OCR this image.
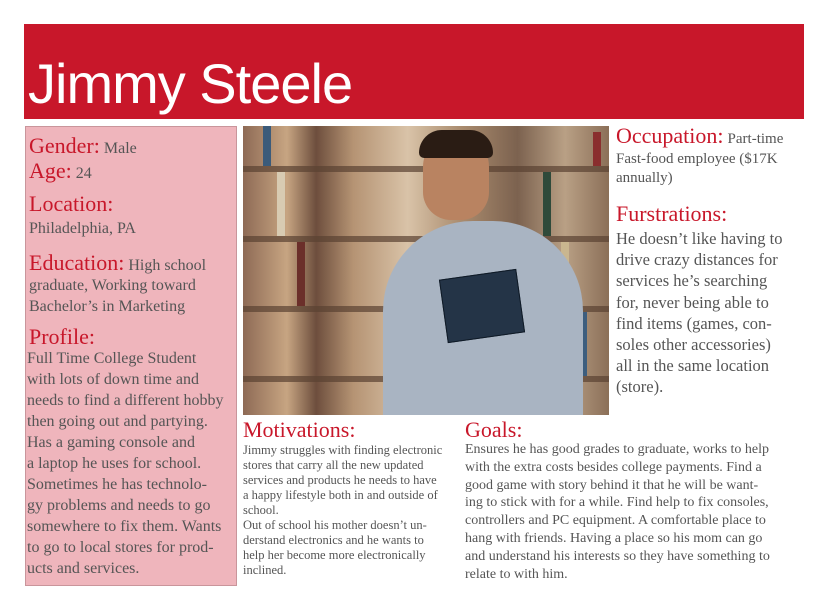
Jimmy Steele
Gender: Male
Age: 24
Location:
Philadelphia, PA
Education: High school
graduate, Working toward
Bachelor’s in Marketing
Profile:
Full Time College Student
with lots of down time and
needs to find a different hobby
then going out and partying.
Has a gaming console and
a laptop he uses for school.
Sometimes he has technolo-
gy problems and needs to go
somewhere to fix them. Wants
to go to local stores for prod-
ucts and services.
Occupation: Part-time
Fast-food employee ($17K
annually)
Furstrations:
He doesn’t like having to
drive crazy distances for
services he’s searching
for, never being able to
find items (games, con-
soles other accessories)
all in the same location
(store).
Motivations:
Jimmy struggles with finding electronic
stores that carry all the new updated
services and products he needs to have
a happy lifestyle both in and outside of
school.
Out of school his mother doesn’t un-
derstand electronics and he wants to
help her become more electronically
inclined.
Goals:
Ensures he has good grades to graduate, works to help
with the extra costs besides college payments. Find a
good game with story behind it that he will be want-
ing to stick with for a while. Find help to fix consoles,
controllers and PC equipment. A comfortable place to
hang with friends. Having a place so his mom can go
and understand his interests so they have something to
relate to with him.
